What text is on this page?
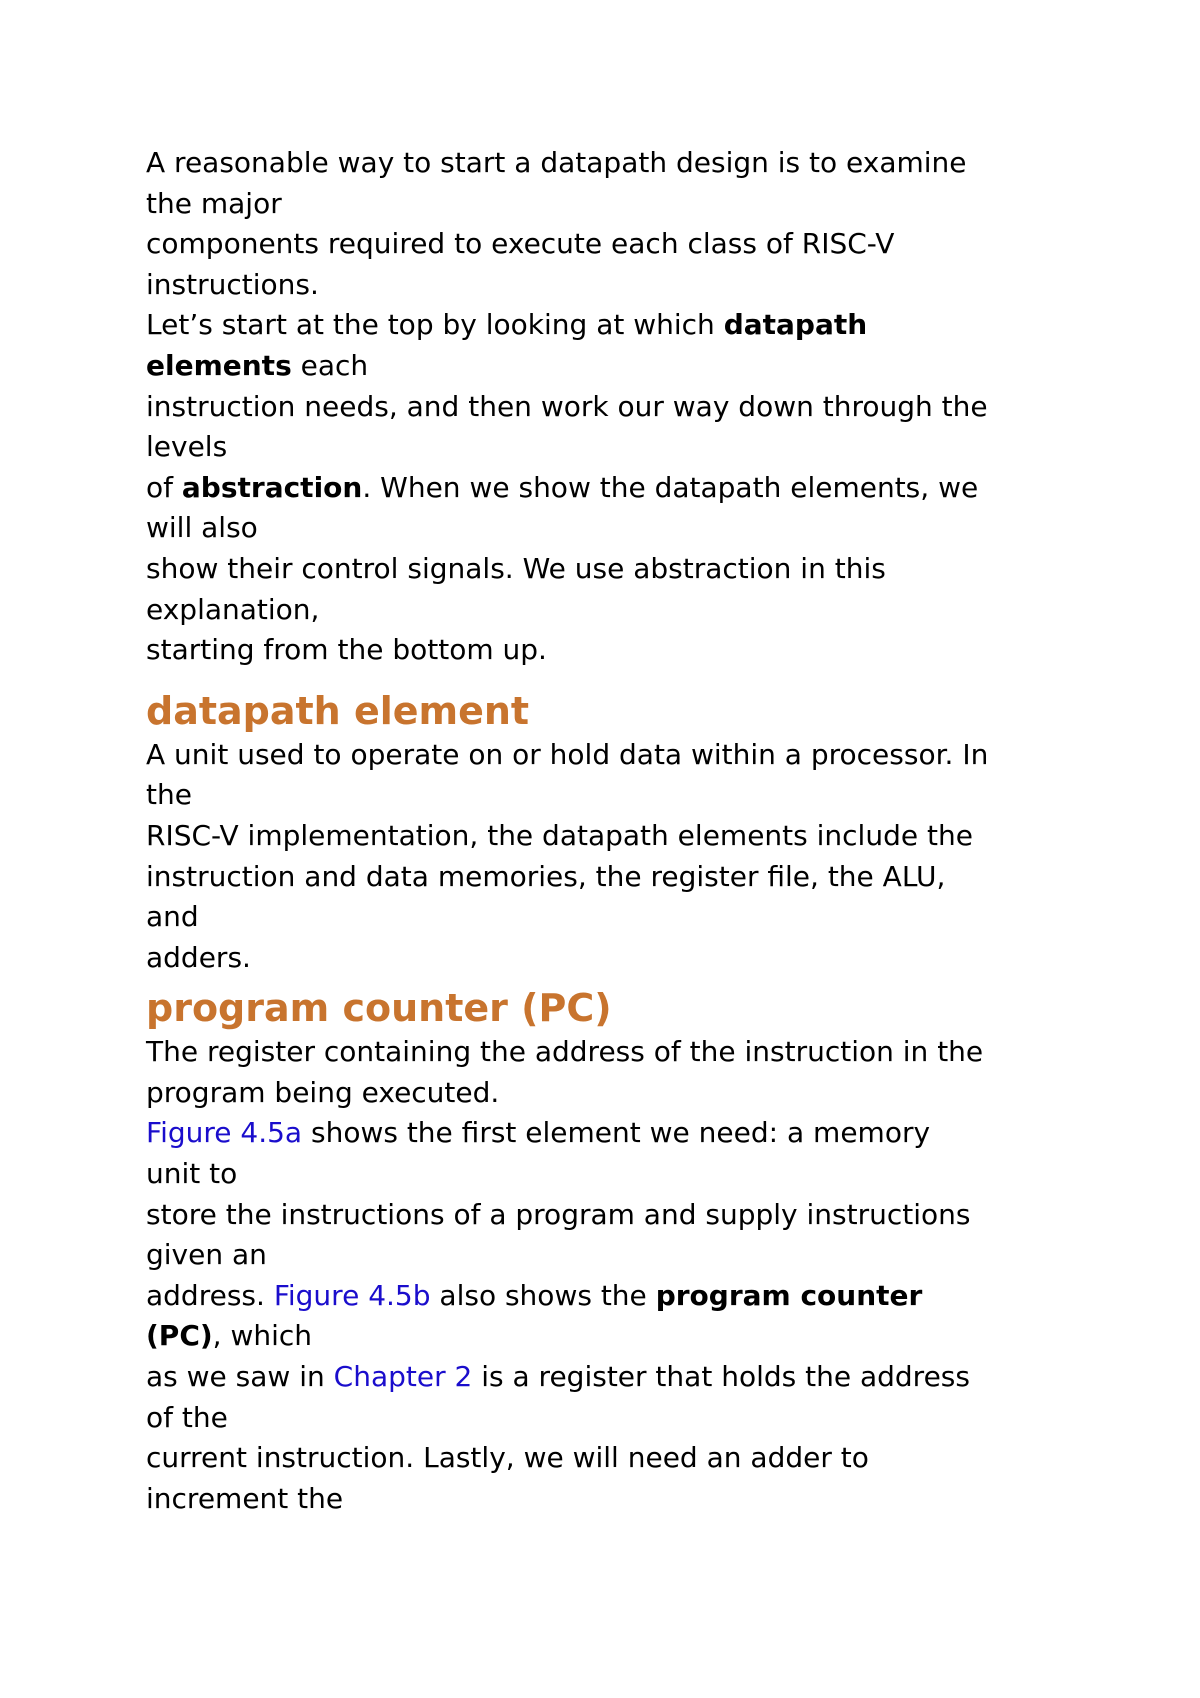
A reasonable way to start a datapath design is to examine
the major
components required to execute each class of RISC-V
instructions.
Let’s start at the top by looking at which datapath
elements each
instruction needs, and then work our way down through the
levels
of abstraction. When we show the datapath elements, we
will also
show their control signals. We use abstraction in this
explanation,
starting from the bottom up.
datapath element
A unit used to operate on or hold data within a processor. In
the
RISC-V implementation, the datapath elements include the
instruction and data memories, the register file, the ALU,
and
adders.
program counter (PC)
The register containing the address of the instruction in the
program being executed.
Figure 4.5a shows the first element we need: a memory
unit to
store the instructions of a program and supply instructions
given an
address. Figure 4.5b also shows the program counter
(PC), which
as we saw in Chapter 2 is a register that holds the address
of the
current instruction. Lastly, we will need an adder to
increment the
